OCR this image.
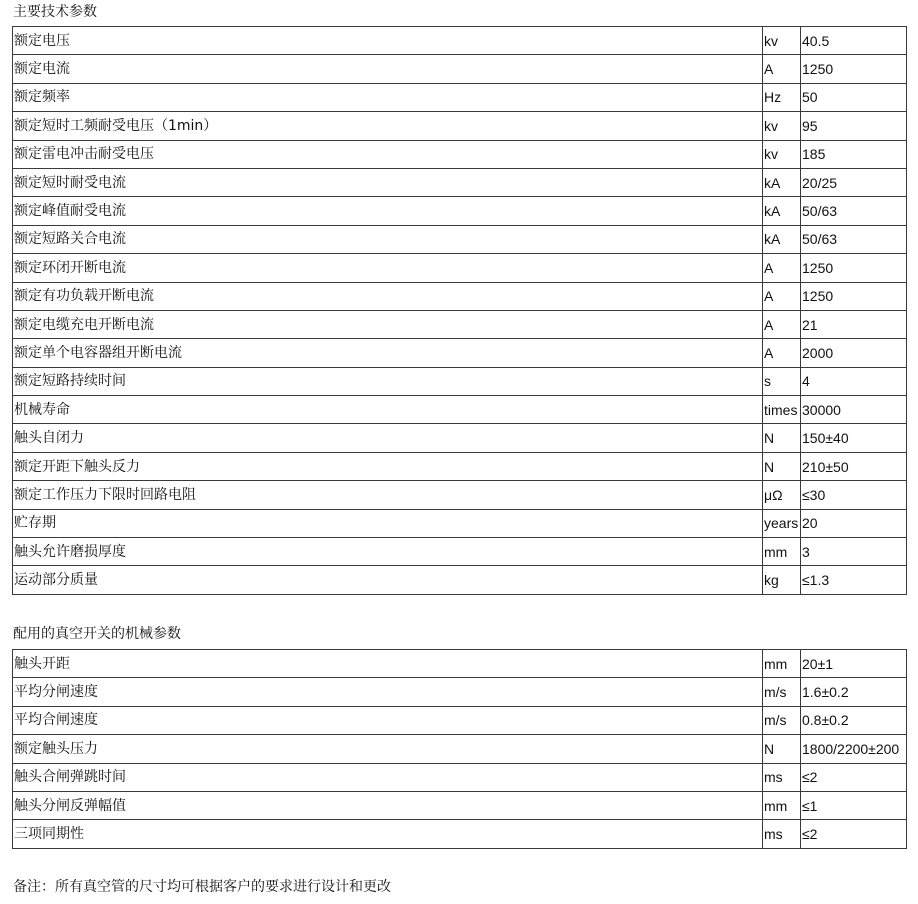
主要技术参数
额定电压	kv	40.5
额定电流	A	1250
额定频率	Hz	50
额定短时工频耐受电压（1min）	kv	95
额定雷电冲击耐受电压	kv	185
额定短时耐受电流	kA	20/25
额定峰值耐受电流	kA	50/63
额定短路关合电流	kA	50/63
额定环闭开断电流	A	1250
额定有功负载开断电流	A	1250
额定电缆充电开断电流	A	21
额定单个电容器组开断电流	A	2000
额定短路持续时间	s	4
机械寿命	times	30000
触头自闭力	N	150±40
额定开距下触头反力	N	210±50
额定工作压力下限时回路电阻	μΩ	≤30
贮存期	years	20
触头允许磨损厚度	mm	3
运动部分质量	kg	≤1.3
配用的真空开关的机械参数
触头开距	mm	20±1
平均分闸速度	m/s	1.6±0.2
平均合闸速度	m/s	0.8±0.2
额定触头压力	N	1800/2200±200
触头合闸弹跳时间	ms	≤2
触头分闸反弹幅值	mm	≤1
三项同期性	ms	≤2
备注：所有真空管的尺寸均可根据客户的要求进行设计和更改
